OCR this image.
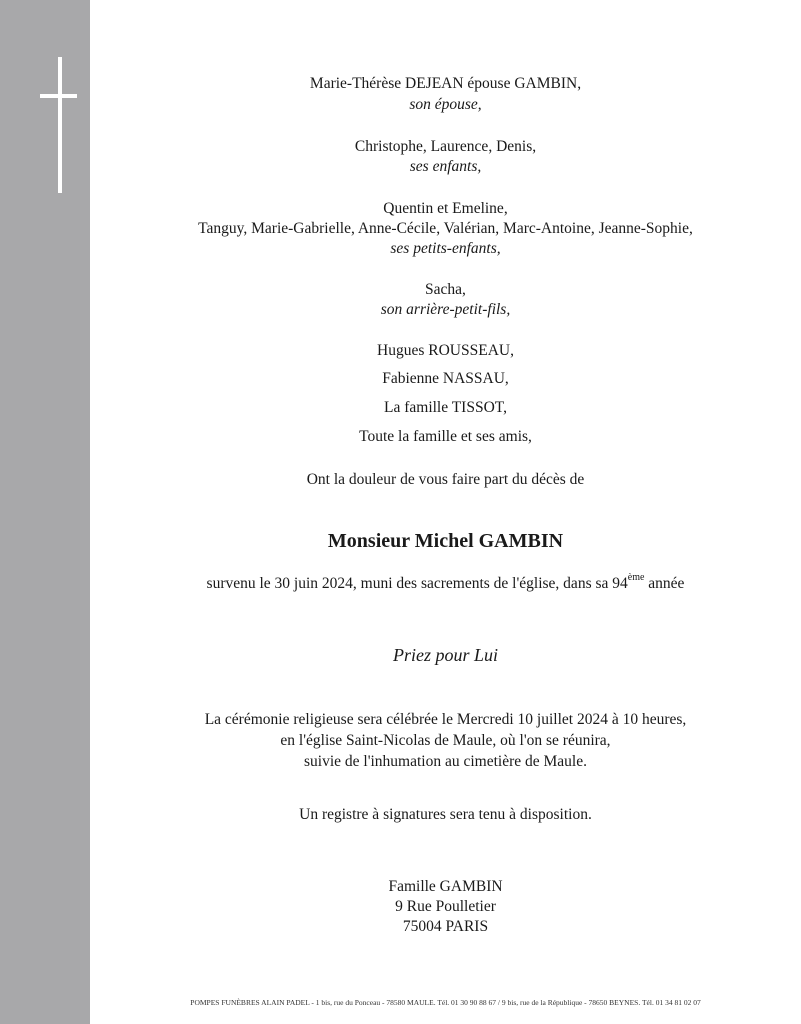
Marie-Thérèse DEJEAN épouse GAMBIN,
son épouse,
Christophe, Laurence, Denis,
ses enfants,
Quentin et Emeline,
Tanguy, Marie-Gabrielle, Anne-Cécile, Valérian, Marc-Antoine, Jeanne-Sophie,
ses petits-enfants,
Sacha,
son arrière-petit-fils,
Hugues ROUSSEAU,
Fabienne NASSAU,
La famille TISSOT,
Toute la famille et ses amis,
Ont la douleur de vous faire part du décès de
Monsieur Michel GAMBIN
survenu le 30 juin 2024, muni des sacrements de l'église, dans sa 94ème année
Priez pour Lui
La cérémonie religieuse sera célébrée le Mercredi 10 juillet 2024 à 10 heures,
en l'église Saint-Nicolas de Maule, où l'on se réunira,
suivie de l'inhumation au cimetière de Maule.
Un registre à signatures sera tenu à disposition.
Famille GAMBIN
9 Rue Poulletier
75004 PARIS
POMPES FUNÈBRES ALAIN PADEL - 1 bis, rue du Ponceau - 78580 MAULE. Tél. 01 30 90 88 67 / 9 bis, rue de la République - 78650 BEYNES. Tél. 01 34 81 02 07
